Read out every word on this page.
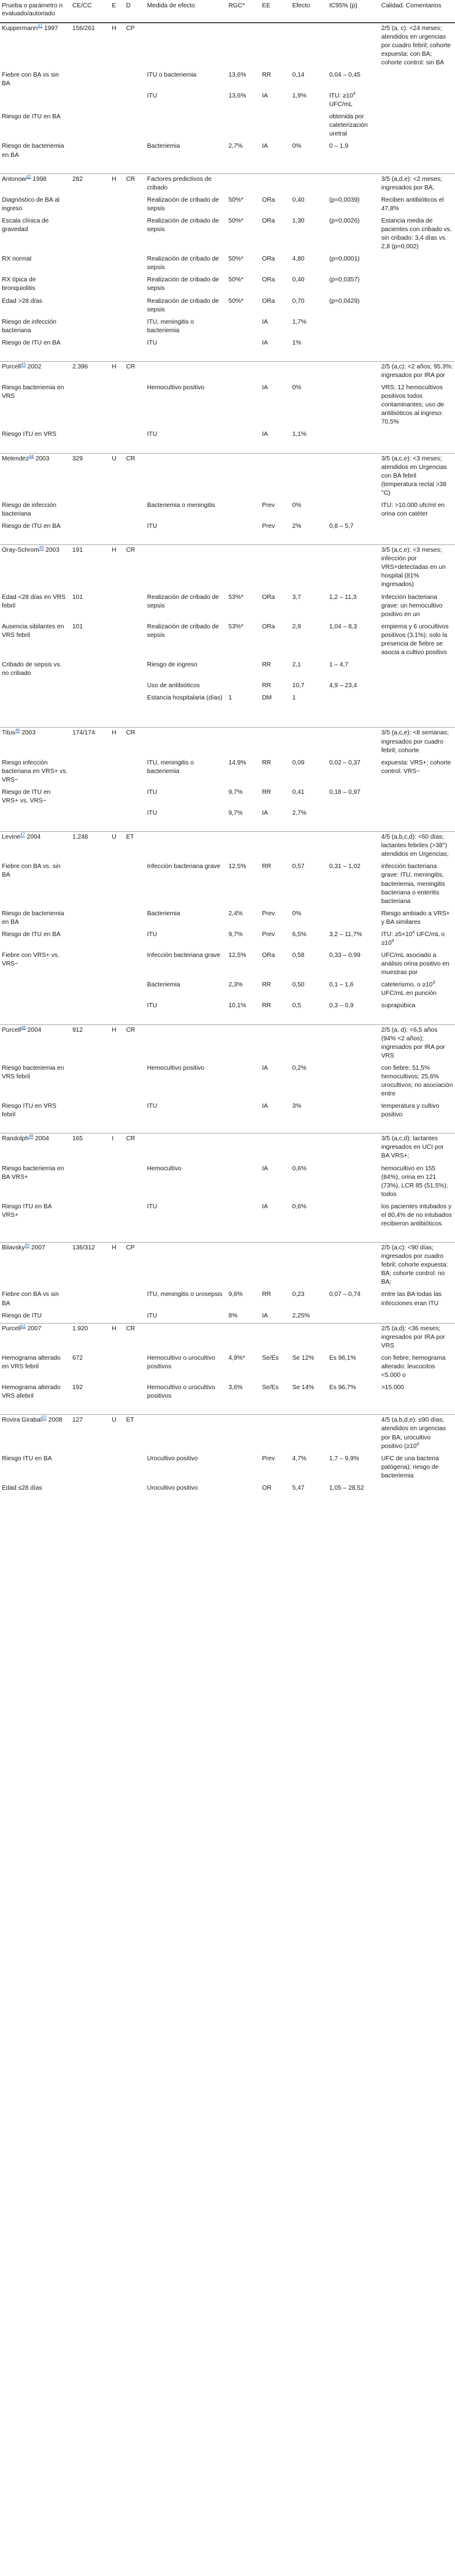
Prueba o parámetro n evaluado/autoriado	CE/CC	E	D	Medida de efecto	RGC*	EE	Efecto	IC95% (p)	Calidad. Comentarios
Kuppermann$^{41}$ 1997	156/261	H	CP						2/5 (a, c): <24 meses; atendidos en urgencias por cuadro febril; cohorte expuesta: con BA; cohorte control: sin BA
Fiebre con BA vs sin BA				ITU o bacteriemia	13,6%	RR	0,14	0,04 – 0,45	
				ITU	13,6%	IA	1,9%	ITU: $\ge 10^4$ UFC/mL	
Riesgo de ITU en BA								obtenida por cateterización uretral	
Riesgo de bacteriemia en BA				Bacteriemia	2,7%	IA	0%	0 – 1,9	

Antonow$^{42}$ 1998	282	H	CR	Factores predictivos de cribado					3/5 (a,d,e): <2 meses; ingresados por BA;
Diagnóstico de BA al ingreso				Realización de cribado de sepsis	50%*	ORa	0,40	(p=0,0039)	Reciben antibióticos el 47,8%
Escala clínica de gravedad				Realización de cribado de sepsis	50%*	ORa	1,30	(p=0,0026)	Estancia media de pacientes con cribado vs. sin cribado: 3,4 días vs. 2,8 (p=0,002)
RX normal				Realización de cribado de sepsis	50%*	ORa	4,80	(p=0,0001)	
RX típica de bronquiolitis				Realización de cribado de sepsis	50%*	ORa	0,40	(p=0,0357)	
Edad >28 días				Realización de cribado de sepsis	50%*	ORa	0,70	(p=0,0429)	
Riesgo de infección bacteriana				ITU, meningitis o bacteriemia		IA	1,7%		
Riesgo de ITU en BA				ITU		IA	1%		

Purcell$^{43}$ 2002	2.396	H	CR						2/5 (a,c): <2 años; 95.3%: ingresados por IRA por
Riesgo bacteriemia en VRS				Hemocultivo positivo		IA	0%		VRS; 12 hemocultivos positivos todos contaminantes; uso de antibióticos al ingreso: 70,5%
Riesgo ITU en VRS				ITU		IA	1,1%		

Melendez$^{44}$ 2003	329	U	CR						3/5 (a,c,e): <3 meses; atendidos en Urgencias con BA febril (temperatura rectal >38 °C)
Riesgo de infección bacteriana				Bacteriemia o meningitis		Prev	0%		ITU: >10.000 ufc/ml en orina con catéter
Riesgo de ITU en BA				ITU		Prev	2%	0,8 – 5,7	

Oray-Schrom$^{45}$ 2003	191	H	CR						3/5 (a,c,e): <3 meses; infección por VRS+detectadas en un hospital (81% ingresados)
Edad <28 días en VRS febril	101			Realización de cribado de sepsis	53%*	ORa	3,7	1,2 – 11,3	Infección bacteriana grave: un hemocultivo positivo en un
Ausencia sibilantes en VRS febril	101			Realización de cribado de sepsis	53%*	ORa	2,9	1,04 – 8,3	empiema y 6 urocultivos positivos (3,1%); solo la presencia de fiebre se asocia a cultivo positivo
Cribado de sepsis vs. no cribado				Riesgo de ingreso		RR	2,1	1 – 4,7	
				Uso de antibióticos		RR	10,7	4,9 – 23,4	
				Estancia hospitalaria (días)	1	DM	1		

Titus$^{46}$ 2003	174/174	H	CR						3/5 (a,c,e): <8 semanas; ingresados por cuadro febril; cohorte
Riesgo infección bacteriana en VRS+ vs. VRS−				ITU, meningitis o bacteriemia	14,9%	RR	0,09	0,02 – 0,37	expuesta: VRS+; cohorte control: VRS−
Riesgo de ITU en VRS+ vs. VRS−				ITU	9,7%	RR	0,41	0,18 – 0,97	
				ITU	9,7%	IA	2,7%		

Levine$^{47}$ 2004	1.248	U	ET						4/5 (a,b,c,d): <60 días; lactantes febriles (>38°) atendidos en Urgencias;
Fiebre con BA vs. sin BA				Infección bacteriana grave	12,5%	RR	0,57	0,31 – 1,02	infección bacteriana grave: ITU, meningitis, bacteriemia, meningitis bacteriana o enteritis bacteriana
Riesgo de bacteriemia en BA				Bacteriemia	2,4%	Prev	0%		Riesgo ambiado a VRS+ y BA similares
Riesgo de ITU en BA				ITU	9,7%	Prev	6,5%	3,2 – 11,7%	ITU: $\ge 5\times 10^4$ UFC/mL $o \ge 10^4$
Fiebre con VRS+ vs. VRS−				Infección bacteriana grave	12,5%	ORa	0,58	0,33 – 0,99	UFC/mL asociado a análisis orina positivo en muestras por
				Bacteriemia	2,3%	RR	0,50	0,1 – 1,6	cateterismo, $o \ge 10^3$ UFC/mL en punción
				ITU	10,1%	RR	0,5	0,3 – 0,9	suprapúbica

Purcell$^{48}$ 2004	912	H	CR						2/5 (a, d): <6,5 años (94% <2 años); ingresados por IRA por VRS
Riesgo bacteriemia en VRS febril				Hemocultivo positivo		IA	0,2%		con fiebre; 51,5% hemocultivos; 25,6% urocultivos; no asociación entre
Riesgo ITU en VRS febril				ITU		IA	3%		temperatura y cultivo positivo

Randolph$^{49}$ 2004	165	I	CR						3/5 (a,c,d): lactantes ingresados en UCI por BA VRS+;
Riesgo bacteriemia en BA VRS+				Hemocultivo		IA	0,6%		hemocultivo en 155 (84%), orina en 121 (73%), LCR 85 (51,5%); todos
Riesgo ITU en BA VRS+				ITU		IA	0,6%		los pacientes intubados y el 80,4% de no intubados recibieron antibióticos

Bilavsky$^{50}$ 2007	136/312	H	CP						2/5 (a,c): <90 días; ingresados por cuadro febril; cohorte expuesta: BA; cohorte control: no BA;
Fiebre con BA vs sin BA				ITU, meningitis o urosepsis	9,6%	RR	0,23	0,07 – 0,74	entre las BA todas las infecciones eran ITU
Riesgo de ITU				ITU	8%	IA	2,25%		
Purcell$^{51}$ 2007	1.920	H	CR						2/5 (a,d): <36 meses; ingresados por IRA por VRS
Hemograma alterado en VRS febril	672			Hemocultivo o urocultivo positivos	4,9%*	Se/Es	Se 12%	Es 96,1%	con fiebre; hemograma alterado: leucocitos <5.000 o
Hemograma alterado VRS afebril	192			Hemocultivo o urocultivo positivos	3,6%	Se/Es	Se 14%	Es 96,7%	>15.000

Rovira Girabal$^{52}$ 2008	127	U	ET						4/5 (a,b,d,e): ≤90 días; atendidos en urgencias por BA; urocultivo positivo ($\ge 10^4$
Riesgo ITU en BA				Urocultivo positivo		Prev	4,7%	1,7 – 9,9%	UFC de una bacteria patógena); riesgo de bacteriemia
Edad ≤28 días				Urocultivo positivo		OR	5,47	1,05 – 28,52	
